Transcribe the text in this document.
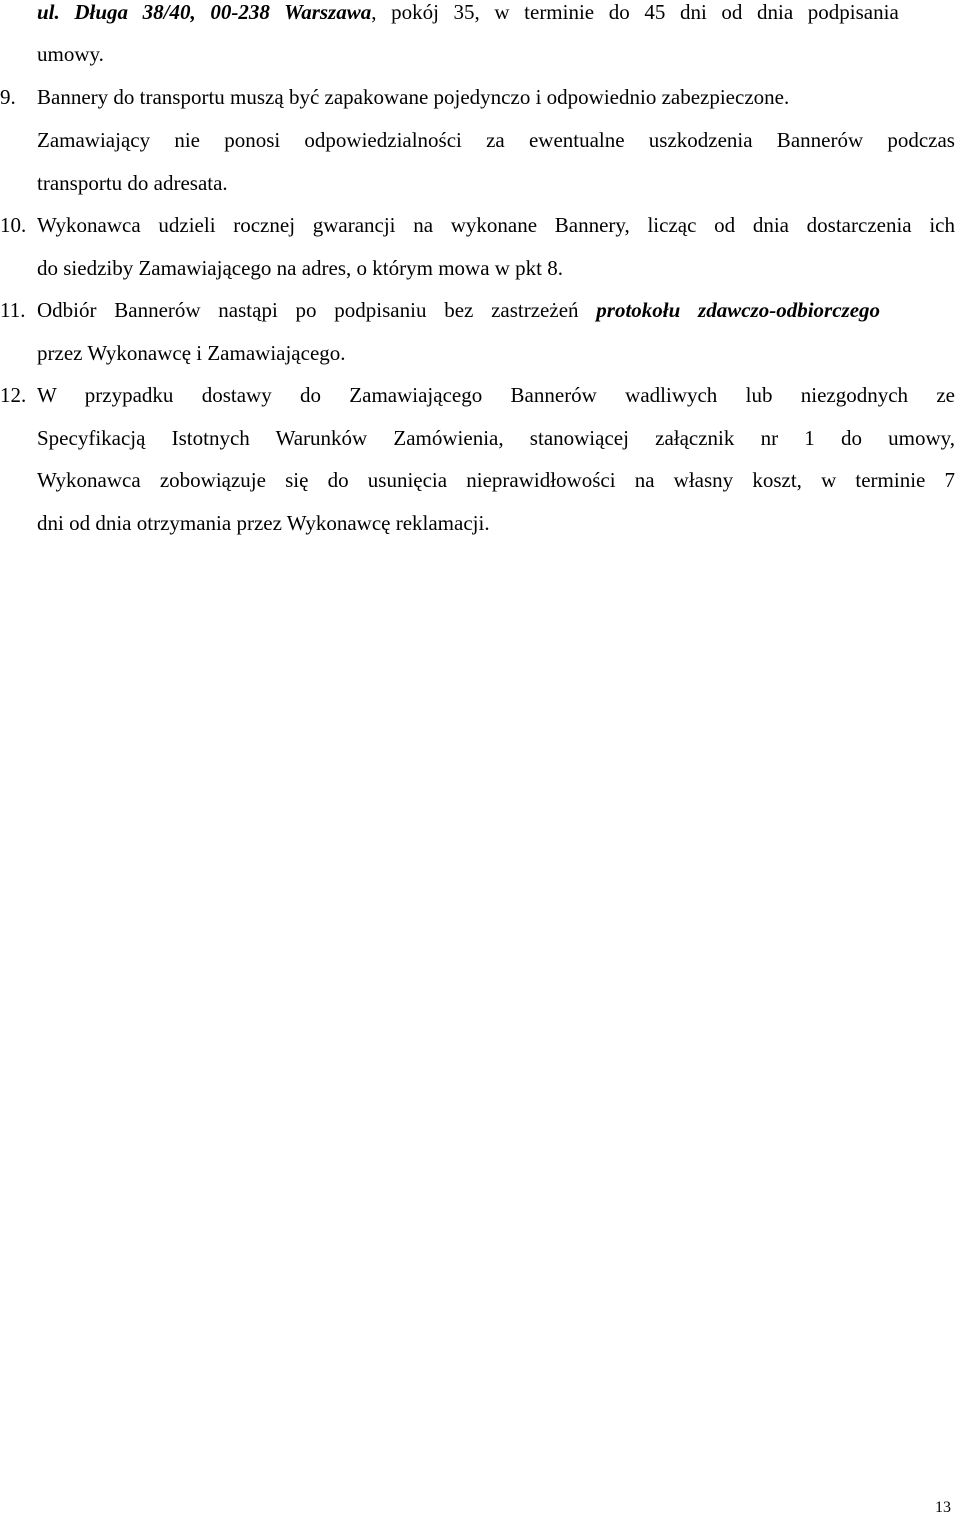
ul. Długa 38/40, 00-238 Warszawa, pokój 35, w terminie do 45 dni od dnia podpisania
umowy.
9. Bannery do transportu muszą być zapakowane pojedynczo i odpowiednio zabezpieczone.
Zamawiający nie ponosi odpowiedzialności za ewentualne uszkodzenia Bannerów podczas
transportu do adresata.
10. Wykonawca udzieli rocznej gwarancji na wykonane Bannery, licząc od dnia dostarczenia ich
do siedziby Zamawiającego na adres, o którym mowa w pkt 8.
11. Odbiór Bannerów nastąpi po podpisaniu bez zastrzeżeń protokołu zdawczo-odbiorczego
przez Wykonawcę i Zamawiającego.
12. W przypadku dostawy do Zamawiającego Bannerów wadliwych lub niezgodnych ze
Specyfikacją Istotnych Warunków Zamówienia, stanowiącej załącznik nr 1 do umowy,
Wykonawca zobowiązuje się do usunięcia nieprawidłowości na własny koszt, w terminie 7
dni od dnia otrzymania przez Wykonawcę reklamacji.
13
